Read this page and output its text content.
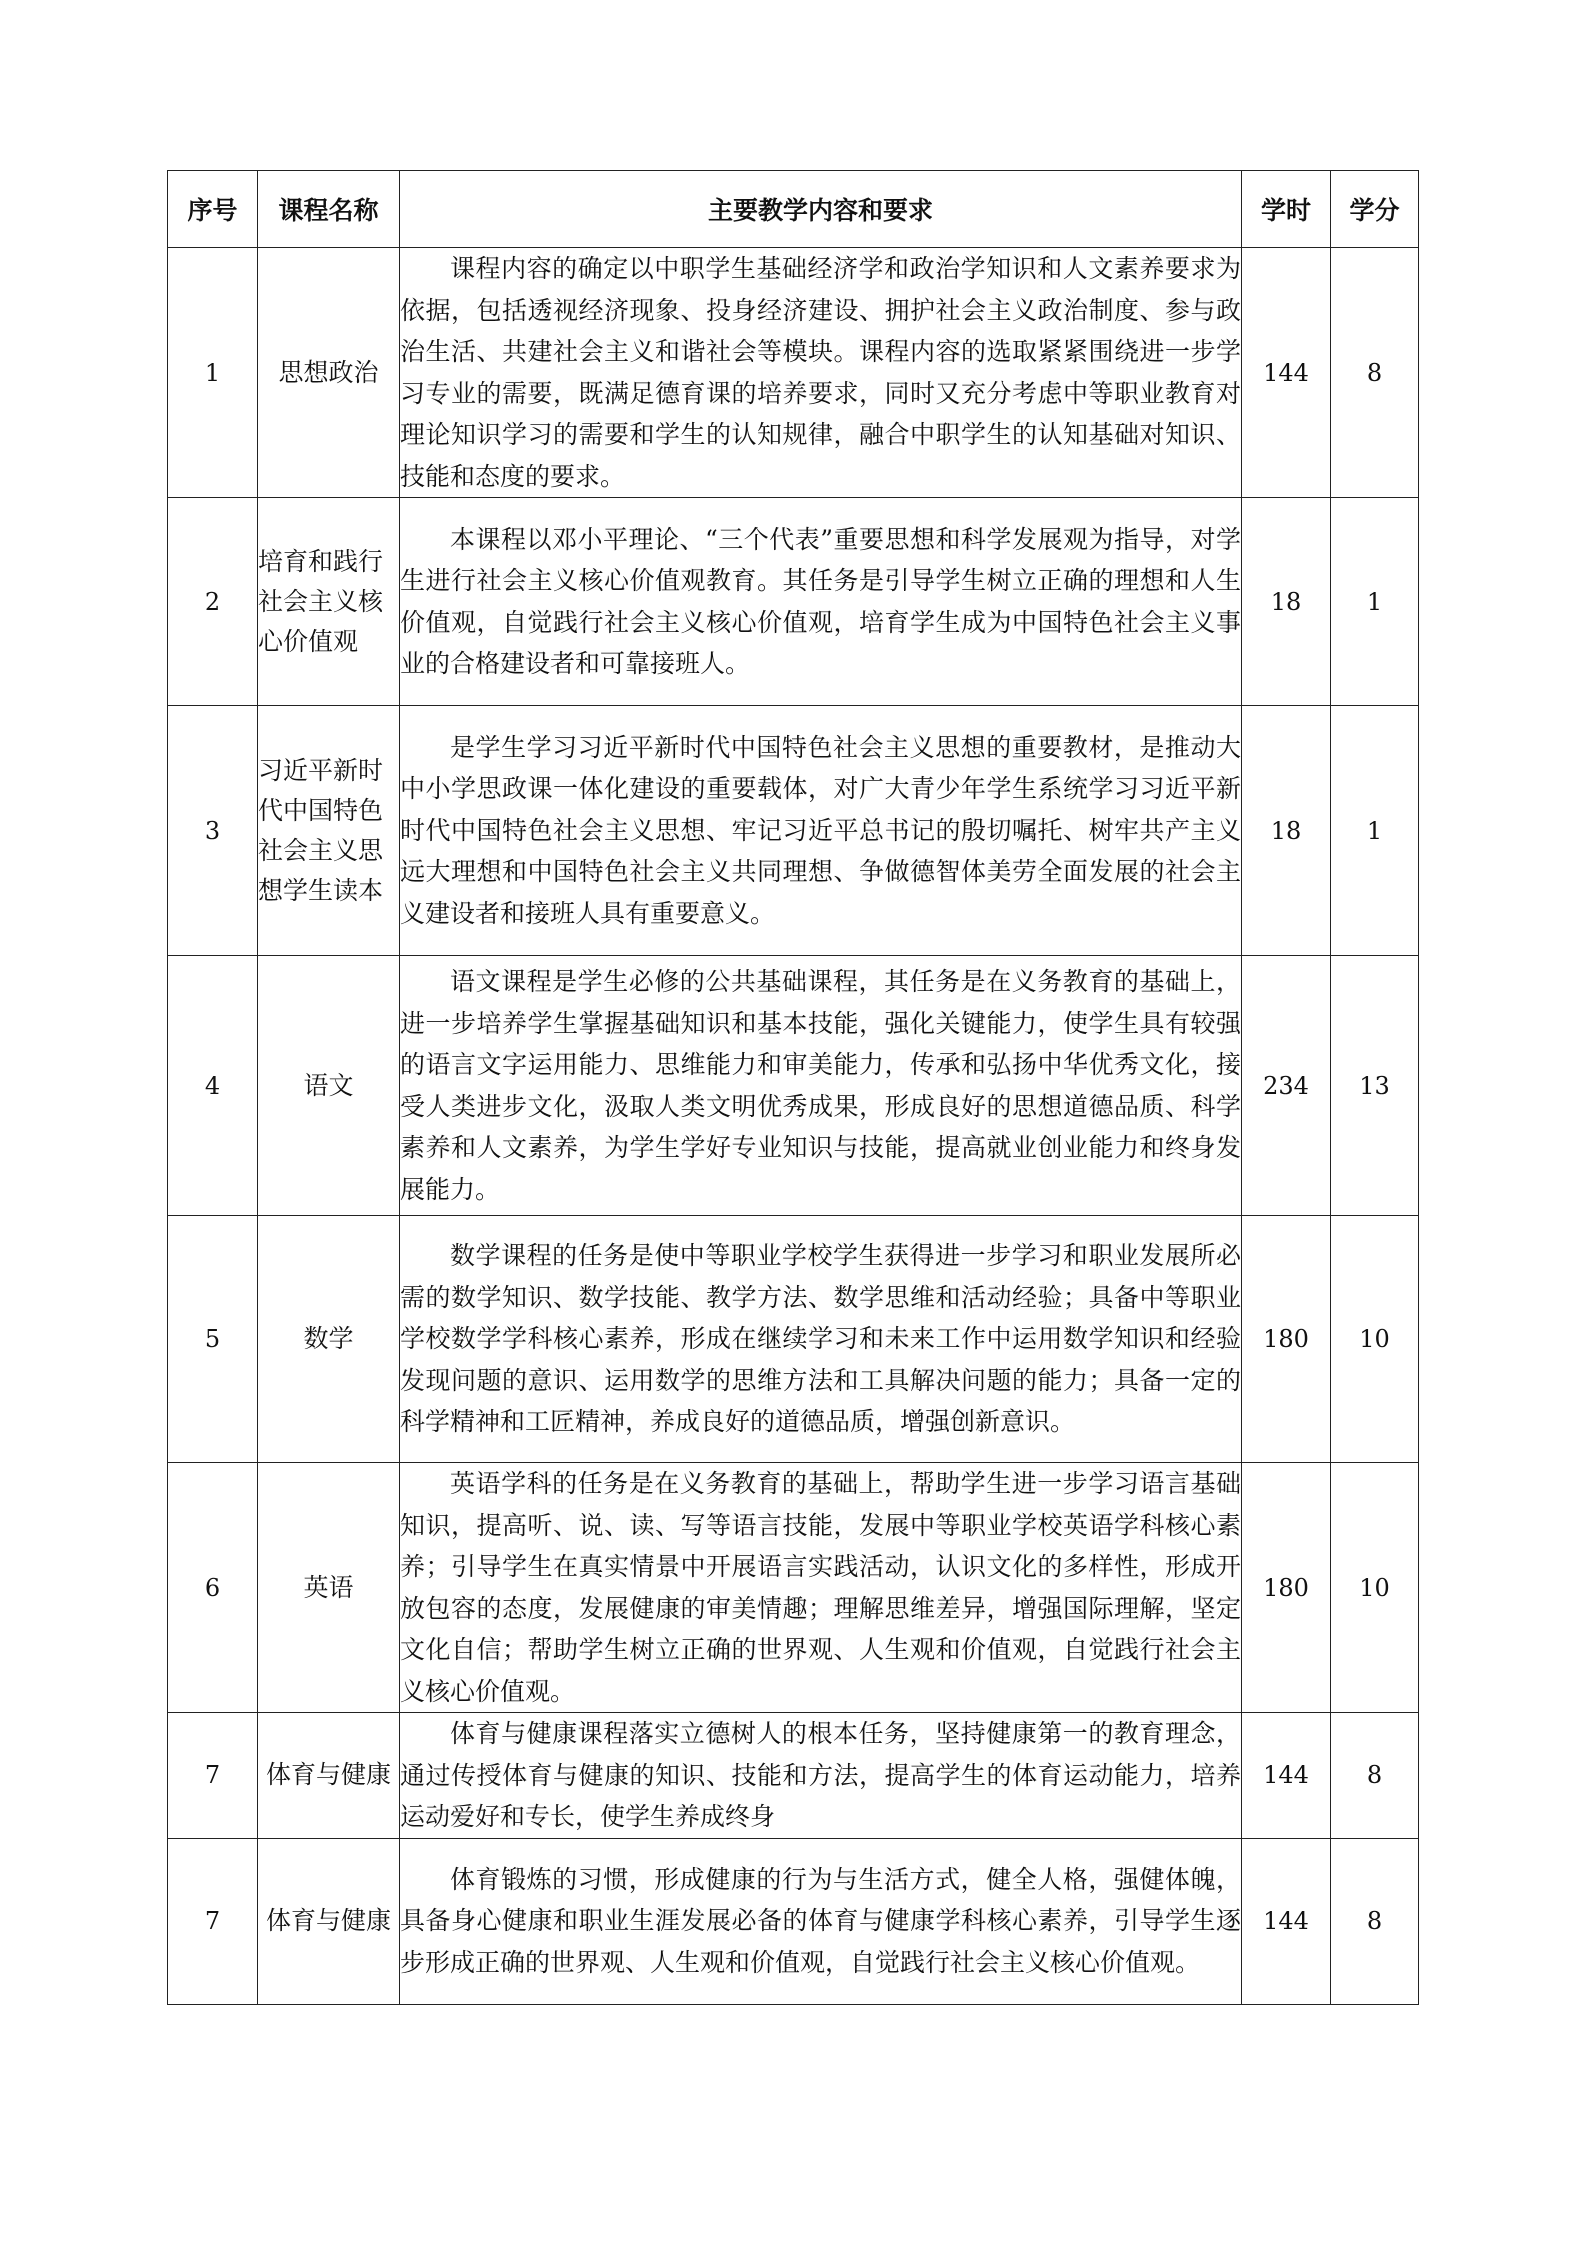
序号	课程名称	主要教学内容和要求	学时	学分
1	思想政治	课程内容的确定以中职学生基础经济学和政治学知识和人文素养要求为依据，包括透视经济现象、投身经济建设、拥护社会主义政治制度、参与政治生活、共建社会主义和谐社会等模块。课程内容的选取紧紧围绕进一步学习专业的需要，既满足德育课的培养要求，同时又充分考虑中等职业教育对理论知识学习的需要和学生的认知规律，融合中职学生的认知基础对知识、技能和态度的要求。	144	8
2	培育和践行社会主义核心价值观	本课程以邓小平理论、“三个代表”重要思想和科学发展观为指导，对学生进行社会主义核心价值观教育。其任务是引导学生树立正确的理想和人生价值观，自觉践行社会主义核心价值观，培育学生成为中国特色社会主义事业的合格建设者和可靠接班人。	18	1
3	习近平新时代中国特色社会主义思想学生读本	是学生学习习近平新时代中国特色社会主义思想的重要教材，是推动大中小学思政课一体化建设的重要载体，对广大青少年学生系统学习习近平新时代中国特色社会主义思想、牢记习近平总书记的殷切嘱托、树牢共产主义远大理想和中国特色社会主义共同理想、争做德智体美劳全面发展的社会主义建设者和接班人具有重要意义。	18	1
4	语文	语文课程是学生必修的公共基础课程，其任务是在义务教育的基础上，进一步培养学生掌握基础知识和基本技能，强化关键能力，使学生具有较强的语言文字运用能力、思维能力和审美能力，传承和弘扬中华优秀文化，接受人类进步文化，汲取人类文明优秀成果，形成良好的思想道德品质、科学素养和人文素养，为学生学好专业知识与技能，提高就业创业能力和终身发展能力。	234	13
5	数学	数学课程的任务是使中等职业学校学生获得进一步学习和职业发展所必需的数学知识、数学技能、教学方法、数学思维和活动经验；具备中等职业学校数学学科核心素养，形成在继续学习和未来工作中运用数学知识和经验发现问题的意识、运用数学的思维方法和工具解决问题的能力；具备一定的科学精神和工匠精神，养成良好的道德品质，增强创新意识。	180	10
6	英语	英语学科的任务是在义务教育的基础上，帮助学生进一步学习语言基础知识，提高听、说、读、写等语言技能，发展中等职业学校英语学科核心素养；引导学生在真实情景中开展语言实践活动，认识文化的多样性，形成开放包容的态度，发展健康的审美情趣；理解思维差异，增强国际理解，坚定文化自信；帮助学生树立正确的世界观、人生观和价值观，自觉践行社会主义核心价值观。	180	10
7	体育与健康	体育与健康课程落实立德树人的根本任务，坚持健康第一的教育理念，通过传授体育与健康的知识、技能和方法，提高学生的体育运动能力，培养运动爱好和专长，使学生养成终身	144	8
7	体育与健康	体育锻炼的习惯，形成健康的行为与生活方式，健全人格，强健体魄，具备身心健康和职业生涯发展必备的体育与健康学科核心素养，引导学生逐步形成正确的世界观、人生观和价值观，自觉践行社会主义核心价值观。	144	8
